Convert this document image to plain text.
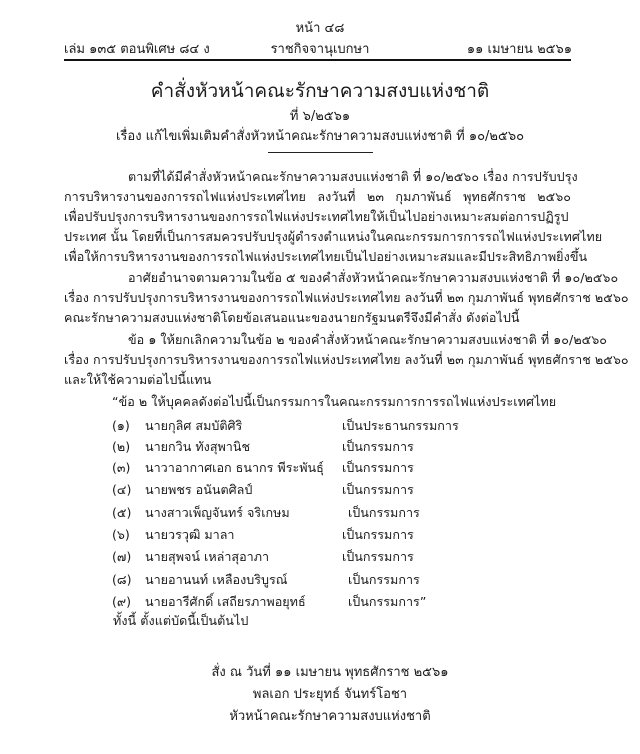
หน้า ๔๘
เล่ม ๑๓๕ ตอนพิเศษ ๘๔ ง	ราชกิจจานุเบกษา	๑๑ เมษายน ๒๕๖๑
คำสั่งหัวหน้าคณะรักษาความสงบแห่งชาติ
ที่ ๖/๒๕๖๑
เรื่อง แก้ไขเพิ่มเติมคำสั่งหัวหน้าคณะรักษาความสงบแห่งชาติ ที่ ๑๐/๒๕๖๐
ตามที่ได้มีคำสั่งหัวหน้าคณะรักษาความสงบแห่งชาติ ที่ ๑๐/๒๕๖๐ เรื่อง การปรับปรุง
การบริหารงานของการรถไฟแห่งประเทศไทย ลงวันที่ ๒๓ กุมภาพันธ์ พุทธศักราช ๒๕๖๐
เพื่อปรับปรุงการบริหารงานของการรถไฟแห่งประเทศไทยให้เป็นไปอย่างเหมาะสมต่อการปฏิรูป
ประเทศ นั้น โดยที่เป็นการสมควรปรับปรุงผู้ดำรงตำแหน่งในคณะกรรมการการรถไฟแห่งประเทศไทย
เพื่อให้การบริหารงานของการรถไฟแห่งประเทศไทยเป็นไปอย่างเหมาะสมและมีประสิทธิภาพยิ่งขึ้น
อาศัยอำนาจตามความในข้อ ๕ ของคำสั่งหัวหน้าคณะรักษาความสงบแห่งชาติ ที่ ๑๐/๒๕๖๐
เรื่อง การปรับปรุงการบริหารงานของการรถไฟแห่งประเทศไทย ลงวันที่ ๒๓ กุมภาพันธ์ พุทธศักราช ๒๕๖๐
คณะรักษาความสงบแห่งชาติโดยข้อเสนอแนะของนายกรัฐมนตรีจึงมีคำสั่ง ดังต่อไปนี้
ข้อ ๑ ให้ยกเลิกความในข้อ ๒ ของคำสั่งหัวหน้าคณะรักษาความสงบแห่งชาติ ที่ ๑๐/๒๕๖๐
เรื่อง การปรับปรุงการบริหารงานของการรถไฟแห่งประเทศไทย ลงวันที่ ๒๓ กุมภาพันธ์ พุทธศักราช ๒๕๖๐
และให้ใช้ความต่อไปนี้แทน
“ข้อ ๒ ให้บุคคลดังต่อไปนี้เป็นกรรมการในคณะกรรมการการรถไฟแห่งประเทศไทย
(๑) นายกุลิศ สมบัติศิริ	เป็นประธานกรรมการ
(๒) นายกวิน ทังสุพานิช	เป็นกรรมการ
(๓) นาวาอากาศเอก ธนากร พีระพันธุ์ เป็นกรรมการ
(๔) นายพชร อนันตศิลป์	เป็นกรรมการ
(๕) นางสาวเพ็ญจันทร์ จริเกษม	เป็นกรรมการ
(๖) นายวรวุฒิ มาลา	เป็นกรรมการ
(๗) นายสุพจน์ เหล่าสุอาภา	เป็นกรรมการ
(๘) นายอานนท์ เหลืองบริบูรณ์	เป็นกรรมการ
(๙) นายอารีศักดิ์ เสถียรภาพอยุทธ์	เป็นกรรมการ”
ทั้งนี้ ตั้งแต่บัดนี้เป็นต้นไป
สั่ง ณ วันที่ ๑๑ เมษายน พุทธศักราช ๒๕๖๑
พลเอก ประยุทธ์ จันทร์โอชา
หัวหน้าคณะรักษาความสงบแห่งชาติ
